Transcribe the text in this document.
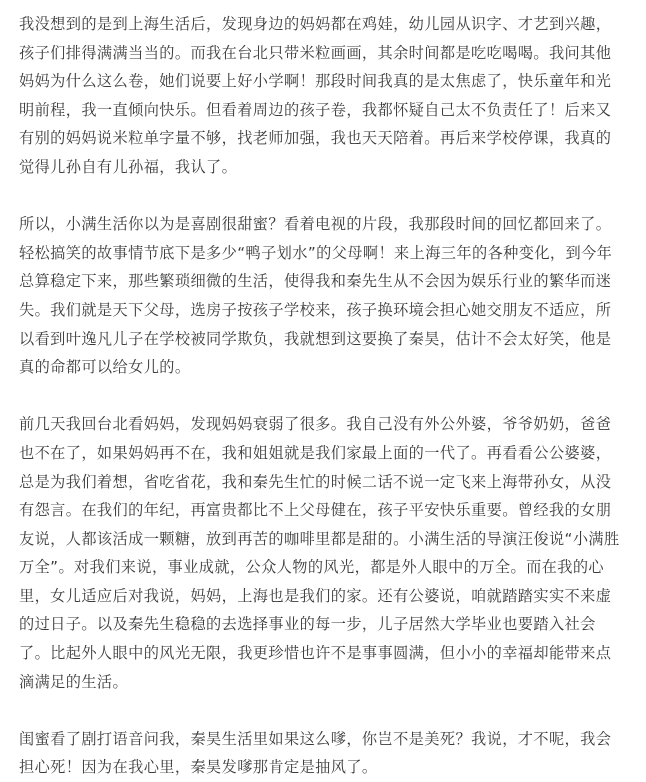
我没想到的是到上海生活后，发现身边的妈妈都在鸡娃，幼儿园从识字、才艺到兴趣，
孩子们排得满满当当的。而我在台北只带米粒画画，其余时间都是吃吃喝喝。我问其他
妈妈为什么这么卷，她们说要上好小学啊！那段时间我真的是太焦虑了，快乐童年和光
明前程，我一直倾向快乐。但看着周边的孩子卷，我都怀疑自己太不负责任了！后来又
有别的妈妈说米粒单字量不够，找老师加强，我也天天陪着。再后来学校停课，我真的
觉得儿孙自有儿孙福，我认了。

所以，小满生活你以为是喜剧很甜蜜？看着电视的片段，我那段时间的回忆都回来了。
轻松搞笑的故事情节底下是多少“鸭子划水”的父母啊！来上海三年的各种变化，到今年
总算稳定下来，那些繁琐细微的生活，使得我和秦先生从不会因为娱乐行业的繁华而迷
失。我们就是天下父母，选房子按孩子学校来，孩子换环境会担心她交朋友不适应，所
以看到叶逸凡儿子在学校被同学欺负，我就想到这要换了秦昊，估计不会太好笑，他是
真的命都可以给女儿的。

前几天我回台北看妈妈，发现妈妈衰弱了很多。我自己没有外公外婆，爷爷奶奶，爸爸
也不在了，如果妈妈再不在，我和姐姐就是我们家最上面的一代了。再看看公公婆婆，
总是为我们着想，省吃省花，我和秦先生忙的时候二话不说一定飞来上海带孙女，从没
有怨言。在我们的年纪，再富贵都比不上父母健在，孩子平安快乐重要。曾经我的女朋
友说，人都该活成一颗糖，放到再苦的咖啡里都是甜的。小满生活的导演汪俊说“小满胜
万全”。对我们来说，事业成就，公众人物的风光，都是外人眼中的万全。而在我的心
里，女儿适应后对我说，妈妈，上海也是我们的家。还有公婆说，咱就踏踏实实不来虚
的过日子。以及秦先生稳稳的去选择事业的每一步，儿子居然大学毕业也要踏入社会
了。比起外人眼中的风光无限，我更珍惜也许不是事事圆满，但小小的幸福却能带来点
滴满足的生活。

闺蜜看了剧打语音问我，秦昊生活里如果这么嗲，你岂不是美死？我说，才不呢，我会
担心死！因为在我心里，秦昊发嗲那肯定是抽风了。
